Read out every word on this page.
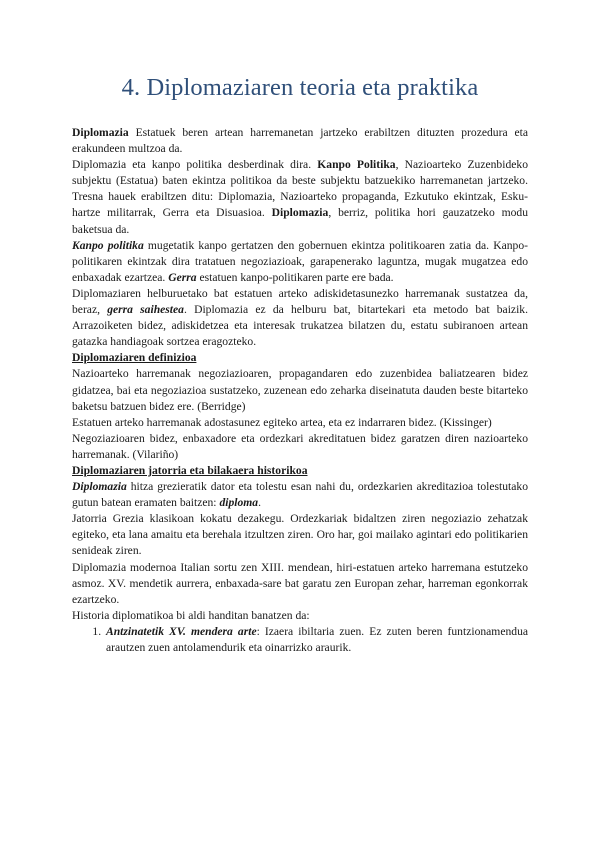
4. Diplomaziaren teoria eta praktika

Diplomazia Estatuek beren artean harremanetan jartzeko erabiltzen dituzten prozedura eta erakundeen multzoa da.

Diplomazia eta kanpo politika desberdinak dira. Kanpo Politika, Nazioarteko Zuzenbideko subjektu (Estatua) baten ekintza politikoa da beste subjektu batzuekiko harremanetan jartzeko. Tresna hauek erabiltzen ditu: Diplomazia, Nazioarteko propaganda, Ezkutuko ekintzak, Esku-hartze militarrak, Gerra eta Disuasioa. Diplomazia, berriz, politika hori gauzatzeko modu baketsua da.

Kanpo politika mugetatik kanpo gertatzen den gobernuen ekintza politikoaren zatia da. Kanpo-politikaren ekintzak dira tratatuen negoziazioak, garapenerako laguntza, mugak mugatzea edo enbaxadak ezartzea. Gerra estatuen kanpo-politikaren parte ere bada.

Diplomaziaren helburuetako bat estatuen arteko adiskidetasunezko harremanak sustatzea da, beraz, gerra saihestea. Diplomazia ez da helburu bat, bitartekari eta metodo bat baizik. Arrazoiketen bidez, adiskidetzea eta interesak trukatzea bilatzen du, estatu subiranoen artean gatazka handiagoak sortzea eragozteko.

Diplomaziaren definizioa

Nazioarteko harremanak negoziazioaren, propagandaren edo zuzenbidea baliatzearen bidez gidatzea, bai eta negoziazioa sustatzeko, zuzenean edo zeharka diseinatuta dauden beste bitarteko baketsu batzuen bidez ere. (Berridge)

Estatuen arteko harremanak adostasunez egiteko artea, eta ez indarraren bidez. (Kissinger)

Negoziazioaren bidez, enbaxadore eta ordezkari akreditatuen bidez garatzen diren nazioarteko harremanak. (Vilariño)

Diplomaziaren jatorria eta bilakaera historikoa

Diplomazia hitza grezieratik dator eta tolestu esan nahi du, ordezkarien akreditazioa tolestutako gutun batean eramaten baitzen: diploma.

Jatorria Grezia klasikoan kokatu dezakegu. Ordezkariak bidaltzen ziren negoziazio zehatzak egiteko, eta lana amaitu eta berehala itzultzen ziren. Oro har, goi mailako agintari edo politikarien senideak ziren.

Diplomazia modernoa Italian sortu zen XIII. mendean, hiri-estatuen arteko harremana estutzeko asmoz. XV. mendetik aurrera, enbaxada-sare bat garatu zen Europan zehar, harreman egonkorrak ezartzeko.

Historia diplomatikoa bi aldi handitan banatzen da:

1. Antzinatetik XV. mendera arte: Izaera ibiltaria zuen. Ez zuten beren funtzionamendua arautzen zuen antolamendurik eta oinarrizko araurik.
